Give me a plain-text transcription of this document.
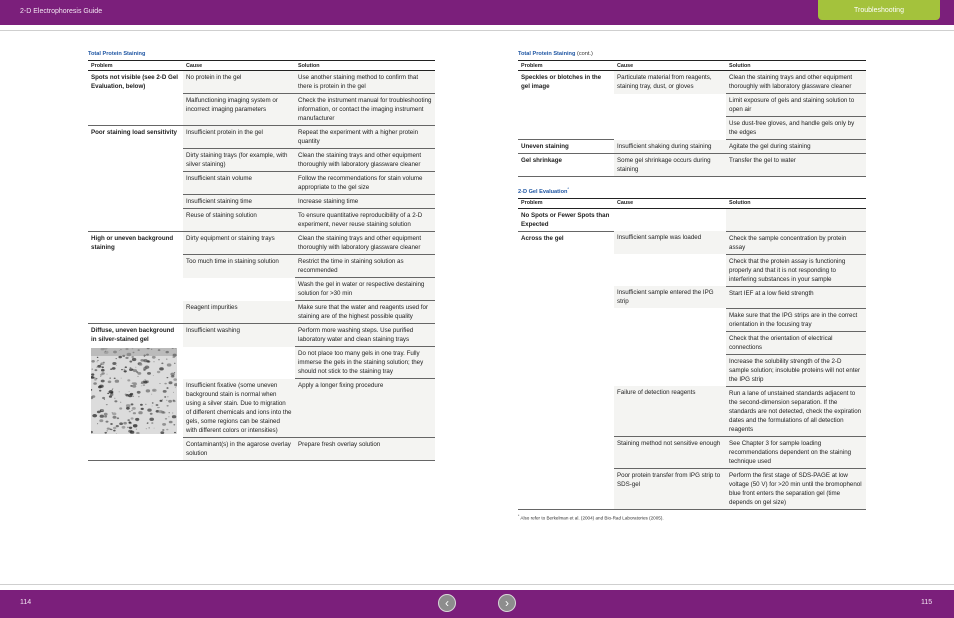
2-D Electrophoresis Guide	Troubleshooting
Total Protein Staining
Problem	Cause	Solution

Spots not visible (see 2-D Gel Evaluation, below)	No protein in the gel	Use another staining method to confirm that there is protein in the gel
	Malfunctioning imaging system or incorrect imaging parameters	Check the instrument manual for troubleshooting information, or contact the imaging instrument manufacturer

Poor staining load sensitivity	Insufficient protein in the gel	Repeat the experiment with a higher protein quantity
	Dirty staining trays (for example, with silver staining)	Clean the staining trays and other equipment thoroughly with laboratory glassware cleaner
	Insufficient stain volume	Follow the recommendations for stain volume appropriate to the gel size
	Insufficient staining time	Increase staining time
	Reuse of staining solution	To ensure quantitative reproducibility of a 2-D experiment, never reuse staining solution

High or uneven background staining	Dirty equipment or staining trays	Clean the staining trays and other equipment thoroughly with laboratory glassware cleaner
	Too much time in staining solution	Restrict the time in staining solution as recommended
		Wash the gel in water or respective destaining solution for >30 min
	Reagent impurities	Make sure that the water and reagents used for staining are of the highest possible quality

Diffuse, uneven background in silver-stained gel	Insufficient washing	Perform more washing steps. Use purified laboratory water and clean staining trays
		Do not place too many gels in one tray. Fully immerse the gels in the staining solution; they should not stick to the staining tray
	Insufficient fixative (some uneven background stain is normal when using a silver stain. Due to migration of different chemicals and ions into the gels, some regions can be stained with different colors or intensities)	Apply a longer fixing procedure
	Contaminant(s) in the agarose overlay solution	Prepare fresh overlay solution
Total Protein Staining (cont.)
Problem	Cause	Solution

Speckles or blotches in the gel image	Particulate material from reagents, staining tray, dust, or gloves	Clean the staining trays and other equipment thoroughly with laboratory glassware cleaner
		Limit exposure of gels and staining solution to open air
		Use dust-free gloves, and handle gels only by the edges

Uneven staining	Insufficient shaking during staining	Agitate the gel during staining

Gel shrinkage	Some gel shrinkage occurs during staining	Transfer the gel to water
2-D Gel Evaluation*
Problem	Cause	Solution

No Spots or Fewer Spots than Expected		

Across the gel	Insufficient sample was loaded	Check the sample concentration by protein assay
		Check that the protein assay is functioning properly and that it is not responding to interfering substances in your sample
	Insufficient sample entered the IPG strip	Start IEF at a low field strength
		Make sure that the IPG strips are in the correct orientation in the focusing tray
		Check that the orientation of electrical connections
		Increase the solubility strength of the 2-D sample solution; insoluble proteins will not enter the IPG strip
	Failure of detection reagents	Run a lane of unstained standards adjacent to the second-dimension separation. If the standards are not detected, check the expiration dates and the formulations of all detection reagents
	Staining method not sensitive enough	See Chapter 3 for sample loading recommendations dependent on the staining technique used
	Poor protein transfer from IPG strip to SDS-gel	Perform the first stage of SDS-PAGE at low voltage (50 V) for >20 min until the bromophenol blue front enters the separation gel (time depends on gel size)
* Also refer to Berkelman et al. (2004) and Bio-Rad Laboratories (2005).
114	‹	›	115
